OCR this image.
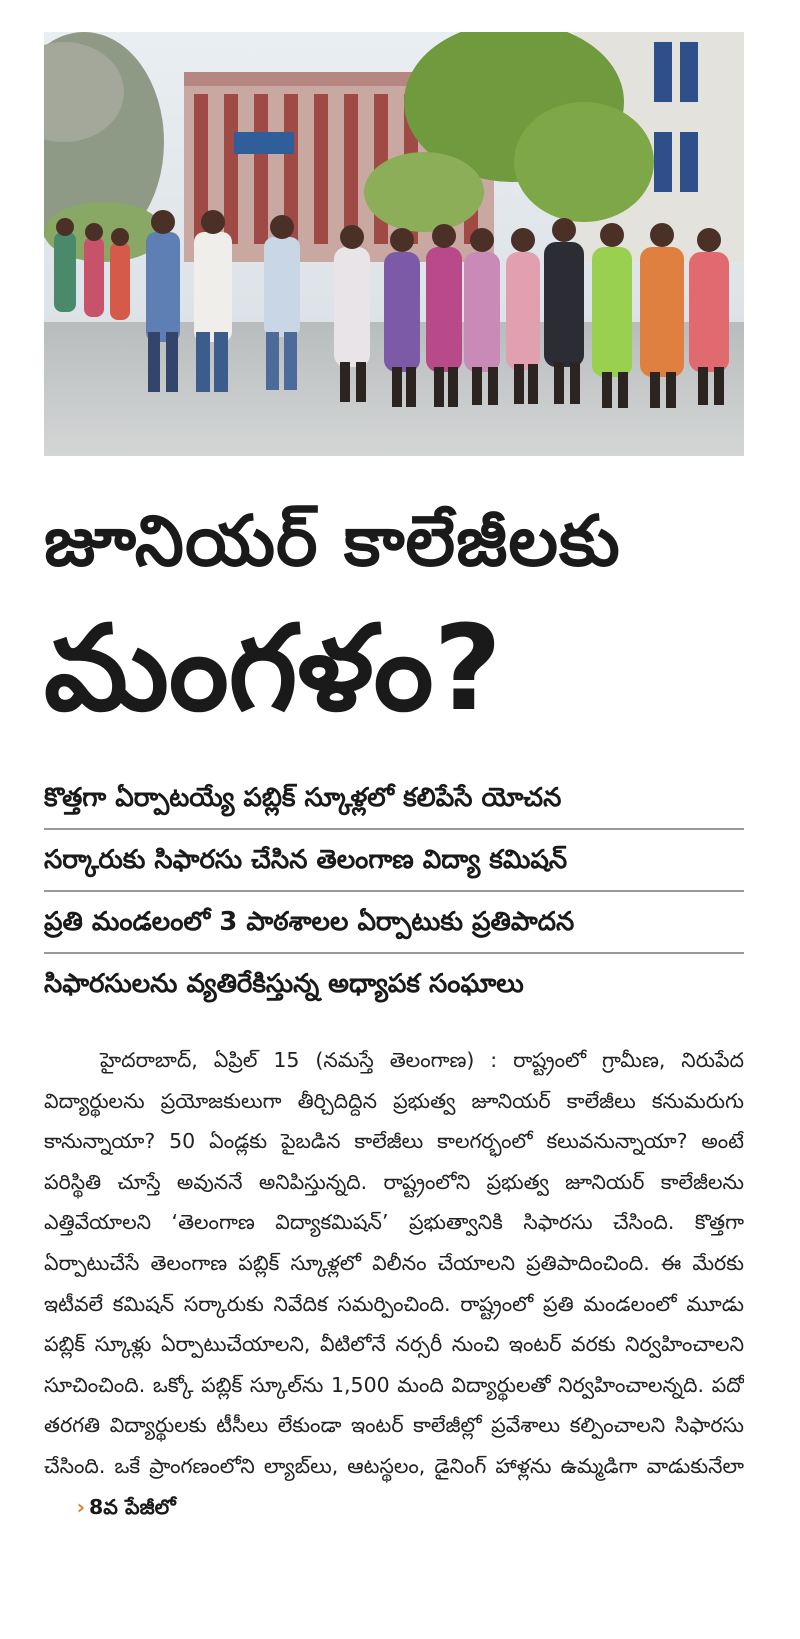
జూనియర్ కాలేజీలకు
మంగళం?
కొత్తగా ఏర్పాటయ్యే పబ్లిక్ స్కూళ్లలో కలిపేసే యోచన
సర్కారుకు సిఫారసు చేసిన తెలంగాణ విద్యా కమిషన్
ప్రతి మండలంలో 3 పాఠశాలల ఏర్పాటుకు ప్రతిపాదన
సిఫారసులను వ్యతిరేకిస్తున్న అధ్యాపక సంఘాలు
హైదరాబాద్, ఏప్రిల్ 15 (నమస్తే తెలంగాణ) : రాష్ట్రంలో గ్రామీణ, నిరుపేద విద్యార్థులను ప్రయోజకులుగా తీర్చిదిద్దిన ప్రభుత్వ జూనియర్ కాలేజీలు కనుమరుగు కానున్నాయా? 50 ఏండ్లకు పైబడిన కాలేజీలు కాలగర్భంలో కలువనున్నాయా? అంటే పరిస్థితి చూస్తే అవుననే అనిపిస్తున్నది. రాష్ట్రంలోని ప్రభుత్వ జూనియర్ కాలేజీలను ఎత్తివేయాలని ‘తెలంగాణ విద్యాకమిషన్’ ప్రభుత్వానికి సిఫారసు చేసింది. కొత్తగా ఏర్పాటుచేసే తెలంగాణ పబ్లిక్ స్కూళ్లలో విలీనం చేయాలని ప్రతిపాదించింది. ఈ మేరకు ఇటీవలే కమిషన్ సర్కారుకు నివేదిక సమర్పించింది. రాష్ట్రంలో ప్రతి మండలంలో మూడు పబ్లిక్ స్కూళ్లు ఏర్పాటుచేయాలని, వీటిలోనే నర్సరీ నుంచి ఇంటర్ వరకు నిర్వహించాలని సూచించింది. ఒక్కో పబ్లిక్ స్కూల్‌ను 1,500 మంది విద్యార్థులతో నిర్వహించాలన్నది. పదో తరగతి విద్యార్థులకు టీసీలు లేకుండా ఇంటర్ కాలేజీల్లో ప్రవేశాలు కల్పించాలని సిఫారసు చేసింది. ఒకే ప్రాంగణంలోని ల్యాబ్‌లు, ఆటస్థలం, డైనింగ్ హాళ్లను ఉమ్మడిగా వాడుకునేలా      › 8వ పేజీలో
